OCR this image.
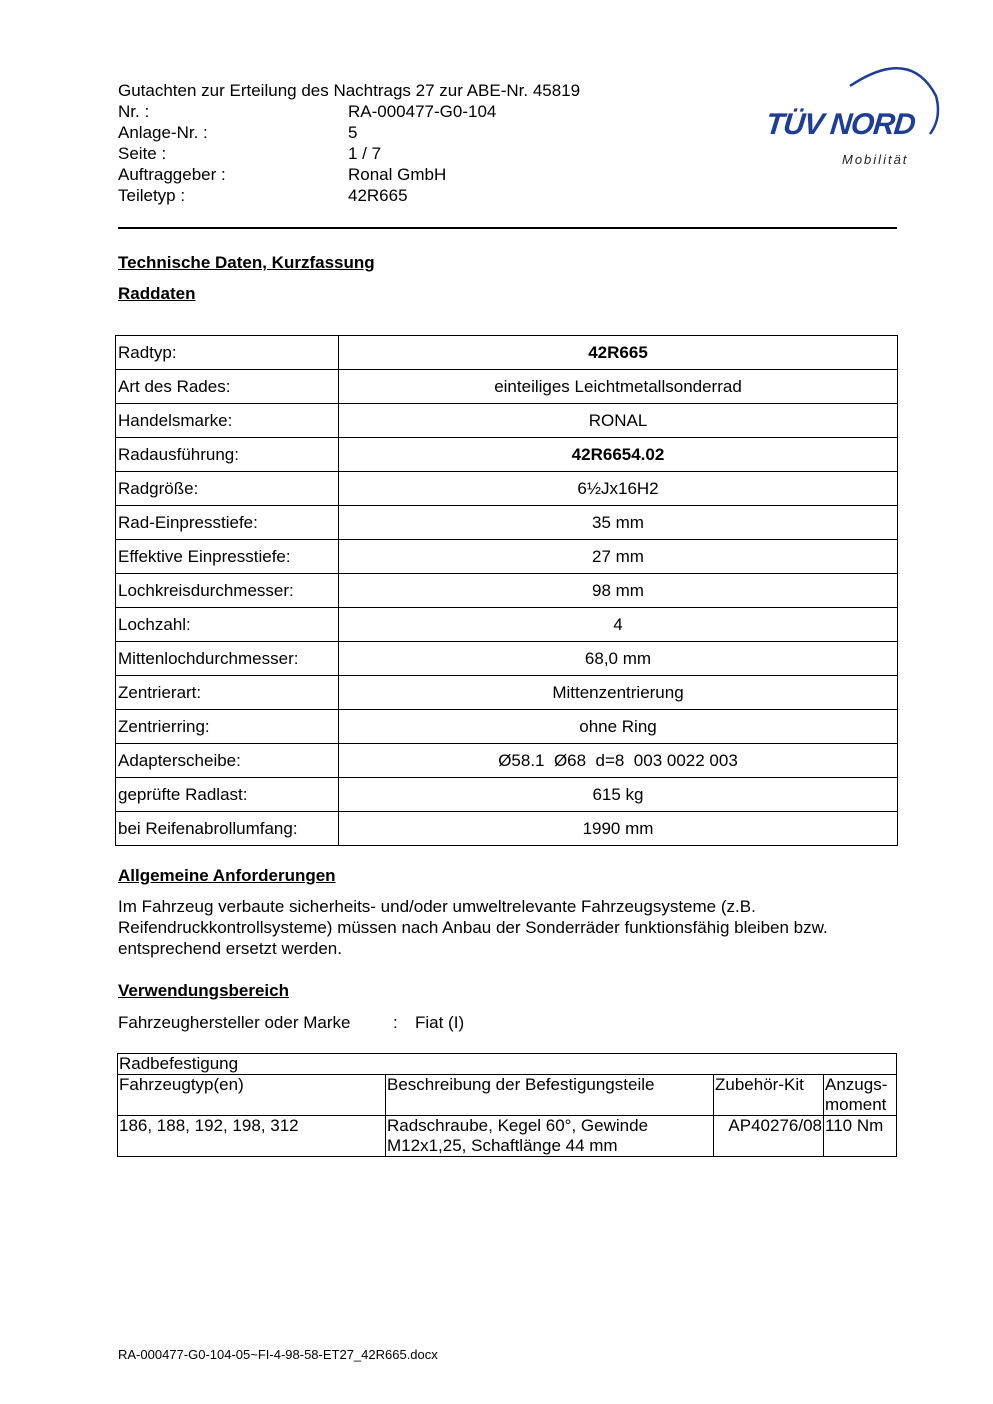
Gutachten zur Erteilung des Nachtrags 27 zur ABE-Nr. 45819
Nr. :	RA-000477-G0-104
Anlage-Nr. :	5
Seite :	1 / 7
Auftraggeber :	Ronal GmbH
Teiletyp :	42R665
TÜV NORD
Mobilität
Technische Daten, Kurzfassung
Raddaten
Radtyp:	42R665
Art des Rades:	einteiliges Leichtmetallsonderrad
Handelsmarke:	RONAL
Radausführung:	42R6654.02
Radgröße:	6½Jx16H2
Rad-Einpresstiefe:	35 mm
Effektive Einpresstiefe:	27 mm
Lochkreisdurchmesser:	98 mm
Lochzahl:	4
Mittenlochdurchmesser:	68,0 mm
Zentrierart:	Mittenzentrierung
Zentrierring:	ohne Ring
Adapterscheibe:	Ø58.1  Ø68  d=8  003 0022 003
geprüfte Radlast:	615 kg
bei Reifenabrollumfang:	1990 mm
Allgemeine Anforderungen
Im Fahrzeug verbaute sicherheits- und/oder umweltrelevante Fahrzeugsysteme (z.B. Reifendruckkontrollsysteme) müssen nach Anbau der Sonderräder funktionsfähig bleiben bzw. entsprechend ersetzt werden.
Verwendungsbereich
Fahrzeughersteller oder Marke	:	Fiat (I)
Radbefestigung			
Fahrzeugtyp(en)	Beschreibung der Befestigungsteile	Zubehör-Kit	Anzugs-moment
186, 188, 192, 198, 312	Radschraube, Kegel 60°, Gewinde M12x1,25, Schaftlänge 44 mm	AP40276/08	110 Nm
RA-000477-G0-104-05~FI-4-98-58-ET27_42R665.docx
